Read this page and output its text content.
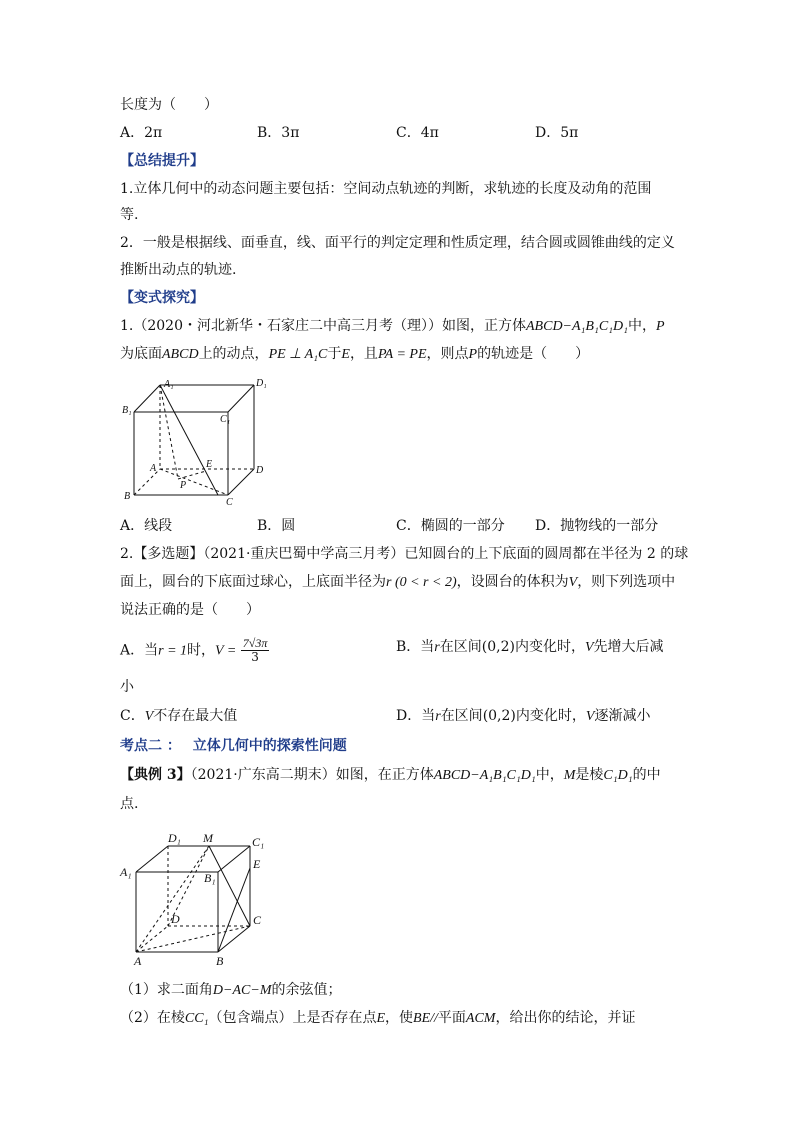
长度为（　　）
A．2π	B．3π	C．4π	D．5π
【总结提升】
1.立体几何中的动态问题主要包括：空间动点轨迹的判断，求轨迹的长度及动角的范围
等.
2．一般是根据线、面垂直，线、面平行的判定定理和性质定理，结合圆或圆锥曲线的定义
推断出动点的轨迹.
【变式探究】
1.（2020・河北新华・石家庄二中高三月考（理））如图，正方体ABCD−A₁B₁C₁D₁中，P
为底面ABCD上的动点，PE ⊥ A₁C于E，且PA = PE，则点P的轨迹是（　　）
A₁	D₁
B₁
C₁
A	D
E
B
C
P
A．线段	B．圆	C．椭圆的一部分 D．抛物线的一部分
2.【多选题】（2021·重庆巴蜀中学高三月考）已知圆台的上下底面的圆周都在半径为 2 的球
面上，圆台的下底面过球心，上底面半径为r (0 < r < 2)，设圆台的体积为V，则下列选项中
说法正确的是（　　）
A．当r = 1时，$V = \frac{7√3\pi}{3}$	B．当r在区间(0,2)内变化时，V先增大后减
小
C．V不存在最大值	D．当r在区间(0,2)内变化时，V逐渐减小
考点二 ：　 立体几何中的探索性问题
【典例 3】（2021·广东高二期末）如图，在正方体ABCD−A₁B₁C₁D₁中，M是棱C₁D₁的中
点.
D₁ M	C₁
A₁	B₁
E
D	C
A	B
（1）求二面角D−AC−M的余弦值；
（2）在棱CC₁（包含端点）上是否存在点E，使BE//平面ACM，给出你的结论，并证
